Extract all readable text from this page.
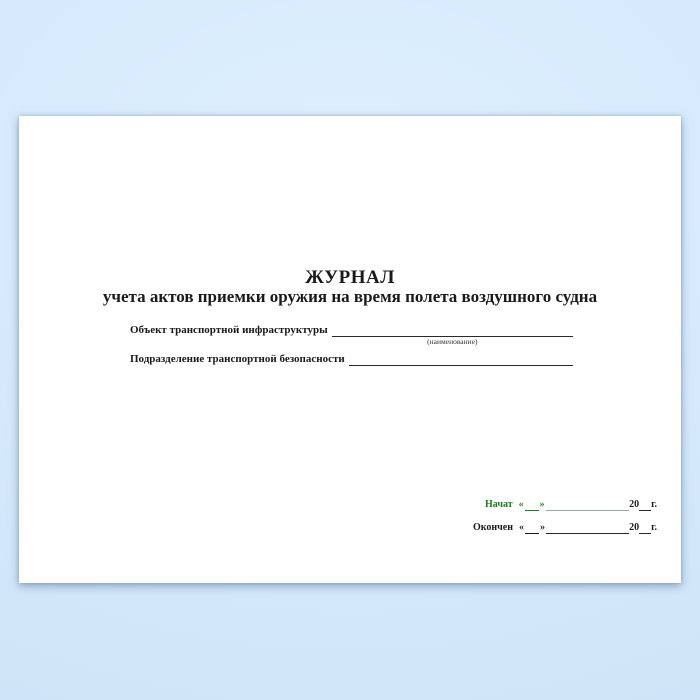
ЖУРНАЛ
учета актов приемки оружия на время полета воздушного судна
Объект транспортной инфраструктуры
(наименование)
Подразделение транспортной безопасности
Начат « »	20 г.
Окончен « »	20 г.
